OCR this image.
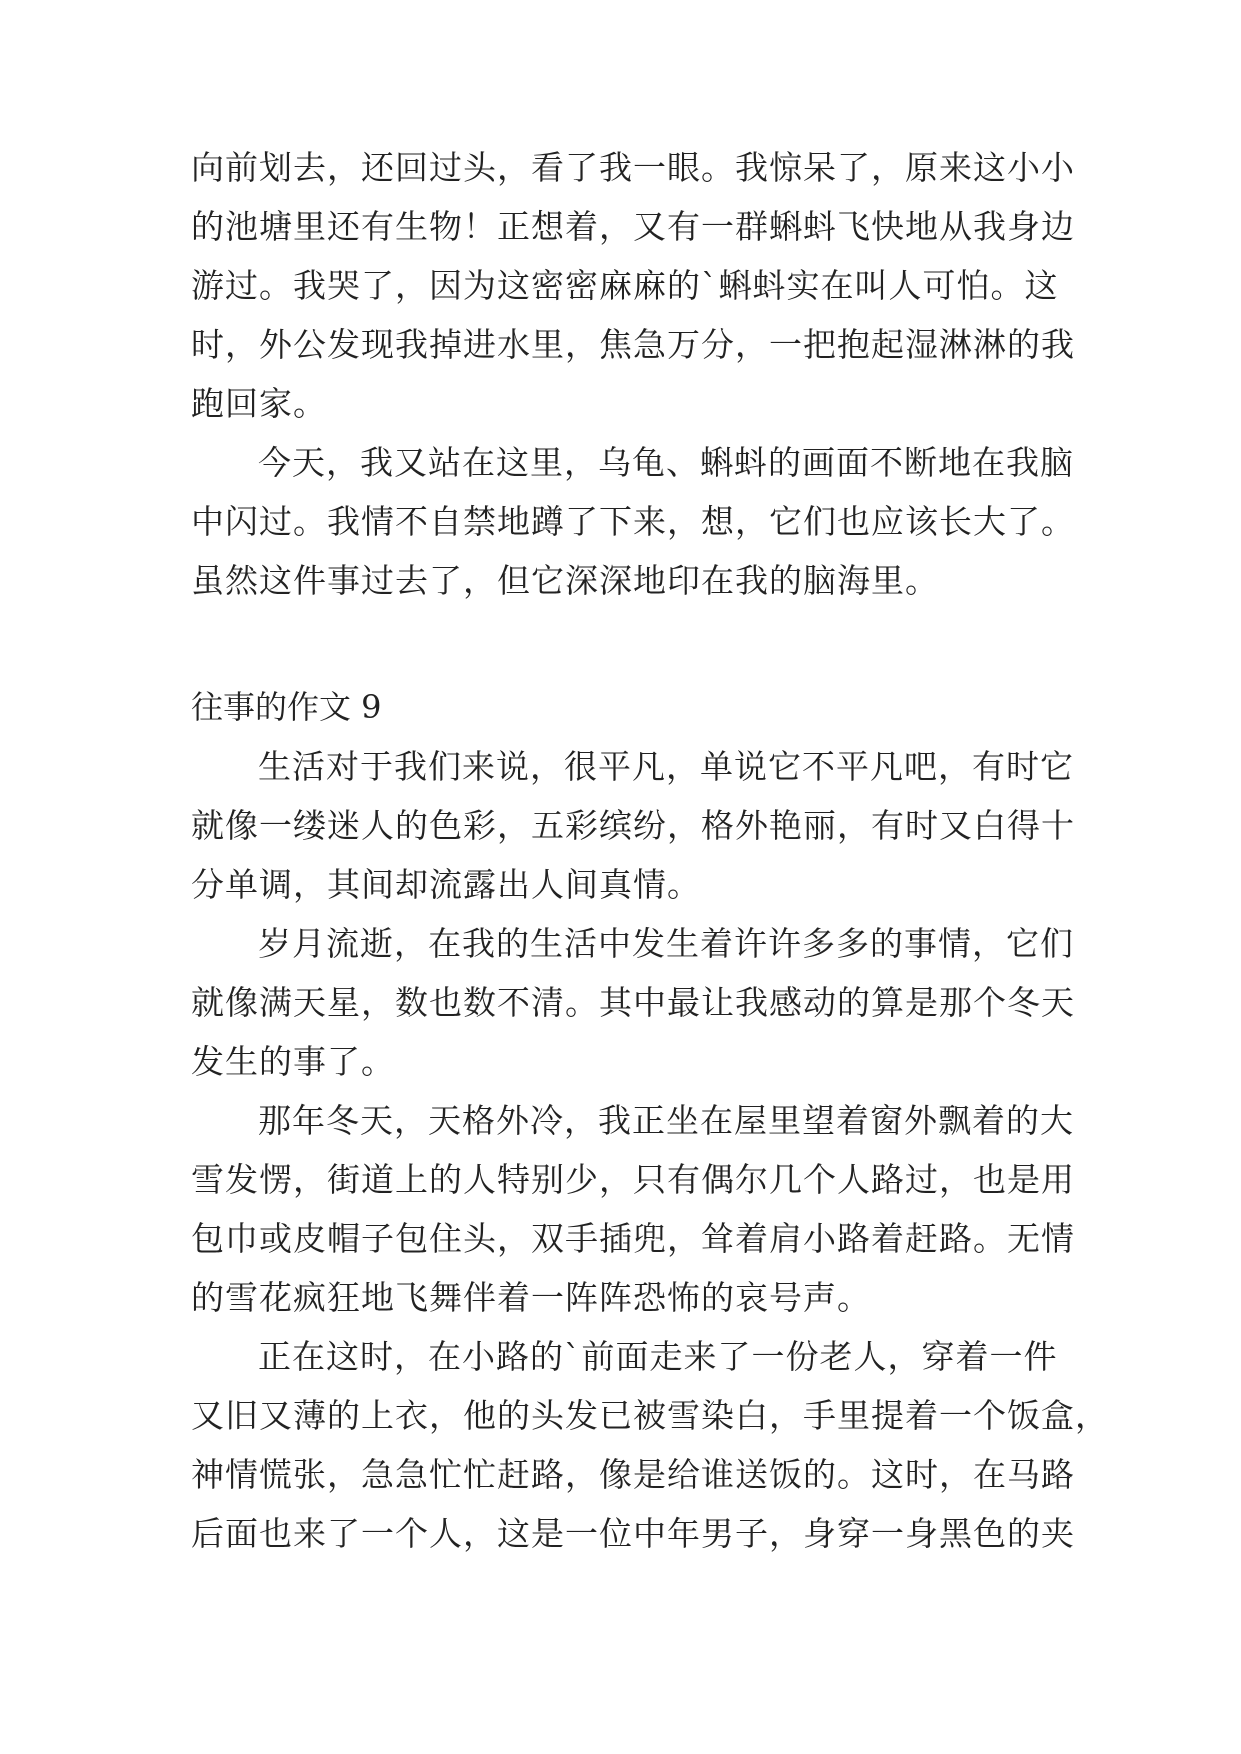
向前划去，还回过头，看了我一眼。我惊呆了，原来这小小
的池塘里还有生物！正想着，又有一群蝌蚪飞快地从我身边
游过。我哭了，因为这密密麻麻的`蝌蚪实在叫人可怕。这
时，外公发现我掉进水里，焦急万分，一把抱起湿淋淋的我
跑回家。
今天，我又站在这里，乌龟、蝌蚪的画面不断地在我脑
中闪过。我情不自禁地蹲了下来，想，它们也应该长大了。
虽然这件事过去了，但它深深地印在我的脑海里。
往事的作文 9
生活对于我们来说，很平凡，单说它不平凡吧，有时它
就像一缕迷人的色彩，五彩缤纷，格外艳丽，有时又白得十
分单调，其间却流露出人间真情。
岁月流逝，在我的生活中发生着许许多多的事情，它们
就像满天星，数也数不清。其中最让我感动的算是那个冬天
发生的事了。
那年冬天，天格外冷，我正坐在屋里望着窗外飘着的大
雪发愣，街道上的人特别少，只有偶尔几个人路过，也是用
包巾或皮帽子包住头，双手插兜，耸着肩小路着赶路。无情
的雪花疯狂地飞舞伴着一阵阵恐怖的哀号声。
正在这时，在小路的`前面走来了一份老人，穿着一件
又旧又薄的上衣，他的头发已被雪染白，手里提着一个饭盒，
神情慌张，急急忙忙赶路，像是给谁送饭的。这时，在马路
后面也来了一个人，这是一位中年男子，身穿一身黑色的夹
